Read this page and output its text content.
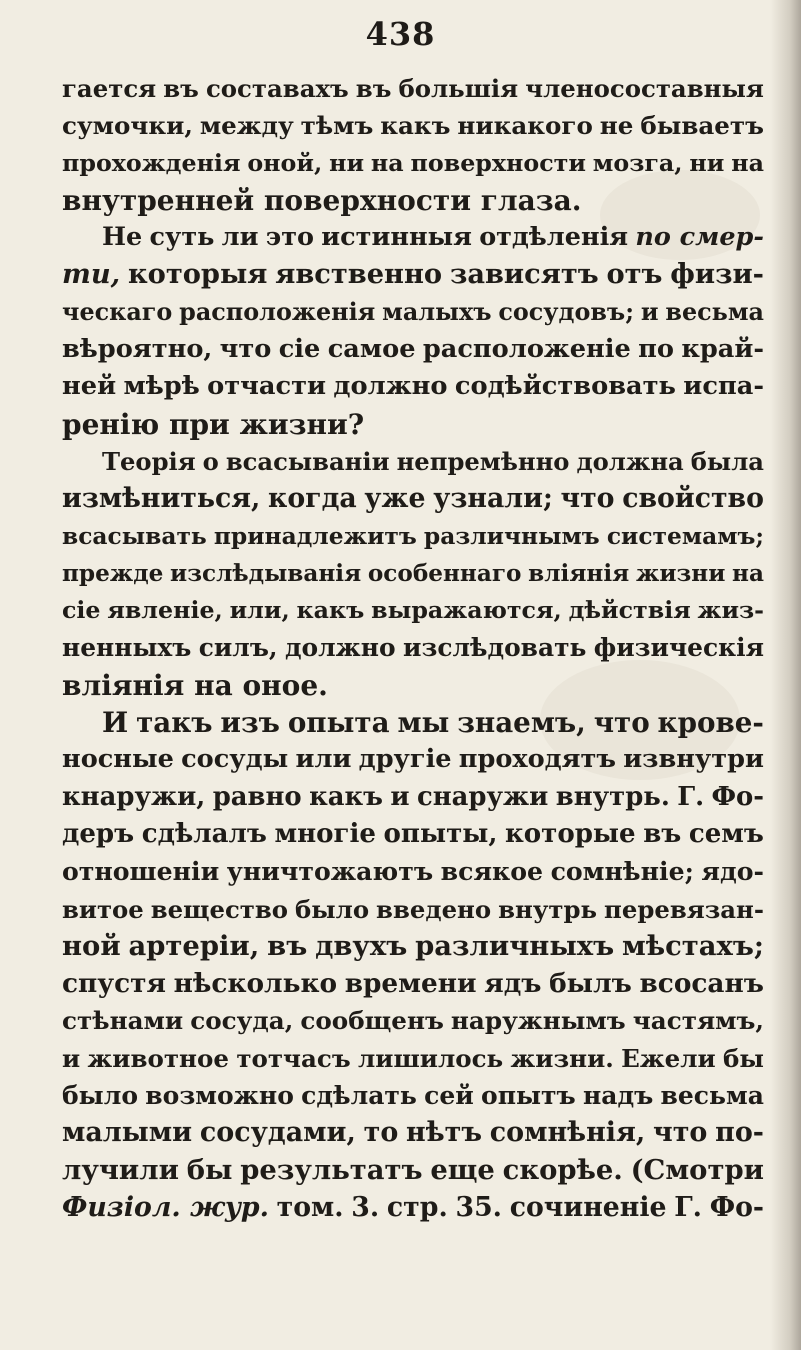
438
гается въ составахъ въ большія членосоставныя
сумочки, между тѣмъ какъ никакого не бываетъ
прохожденія оной, ни на поверхности мозга, ни на
внутренней поверхности глаза.
Не суть ли это истинныя отдѣленія по смер-
ти, которыя явственно зависятъ отъ физи-
ческаго расположенія малыхъ сосудовъ; и весьма
вѣроятно, что сіе самое расположеніе по край-
ней мѣрѣ отчасти должно содѣйствовать испа-
ренію при жизни?
Теорія о всасываніи непремѣнно должна была
измѣниться, когда уже узнали; что свойство
всасывать принадлежитъ различнымъ системамъ;
прежде изслѣдыванія особеннаго вліянія жизни на
сіе явленіе, или, какъ выражаются, дѣйствія жиз-
ненныхъ силъ, должно изслѣдовать физическія
вліянія на оное.
И такъ изъ опыта мы знаемъ, что крове-
носные сосуды или другіе проходятъ извнутри
кнаружи, равно какъ и снаружи внутрь. Г. Фо-
деръ сдѣлалъ многіе опыты, которые въ семъ
отношеніи уничтожаютъ всякое сомнѣніе; ядо-
витое вещество было введено внутрь перевязан-
ной артеріи, въ двухъ различныхъ мѣстахъ;
спустя нѣсколько времени ядъ былъ всосанъ
стѣнами сосуда, сообщенъ наружнымъ частямъ,
и животное тотчасъ лишилось жизни. Ежели бы
было возможно сдѣлать сей опытъ надъ весьма
малыми сосудами, то нѣтъ сомнѣнія, что по-
лучили бы результатъ еще скорѣе. (Смотри
Физіол. жур. том. 3. стр. 35. сочиненіе Г. Фо-
